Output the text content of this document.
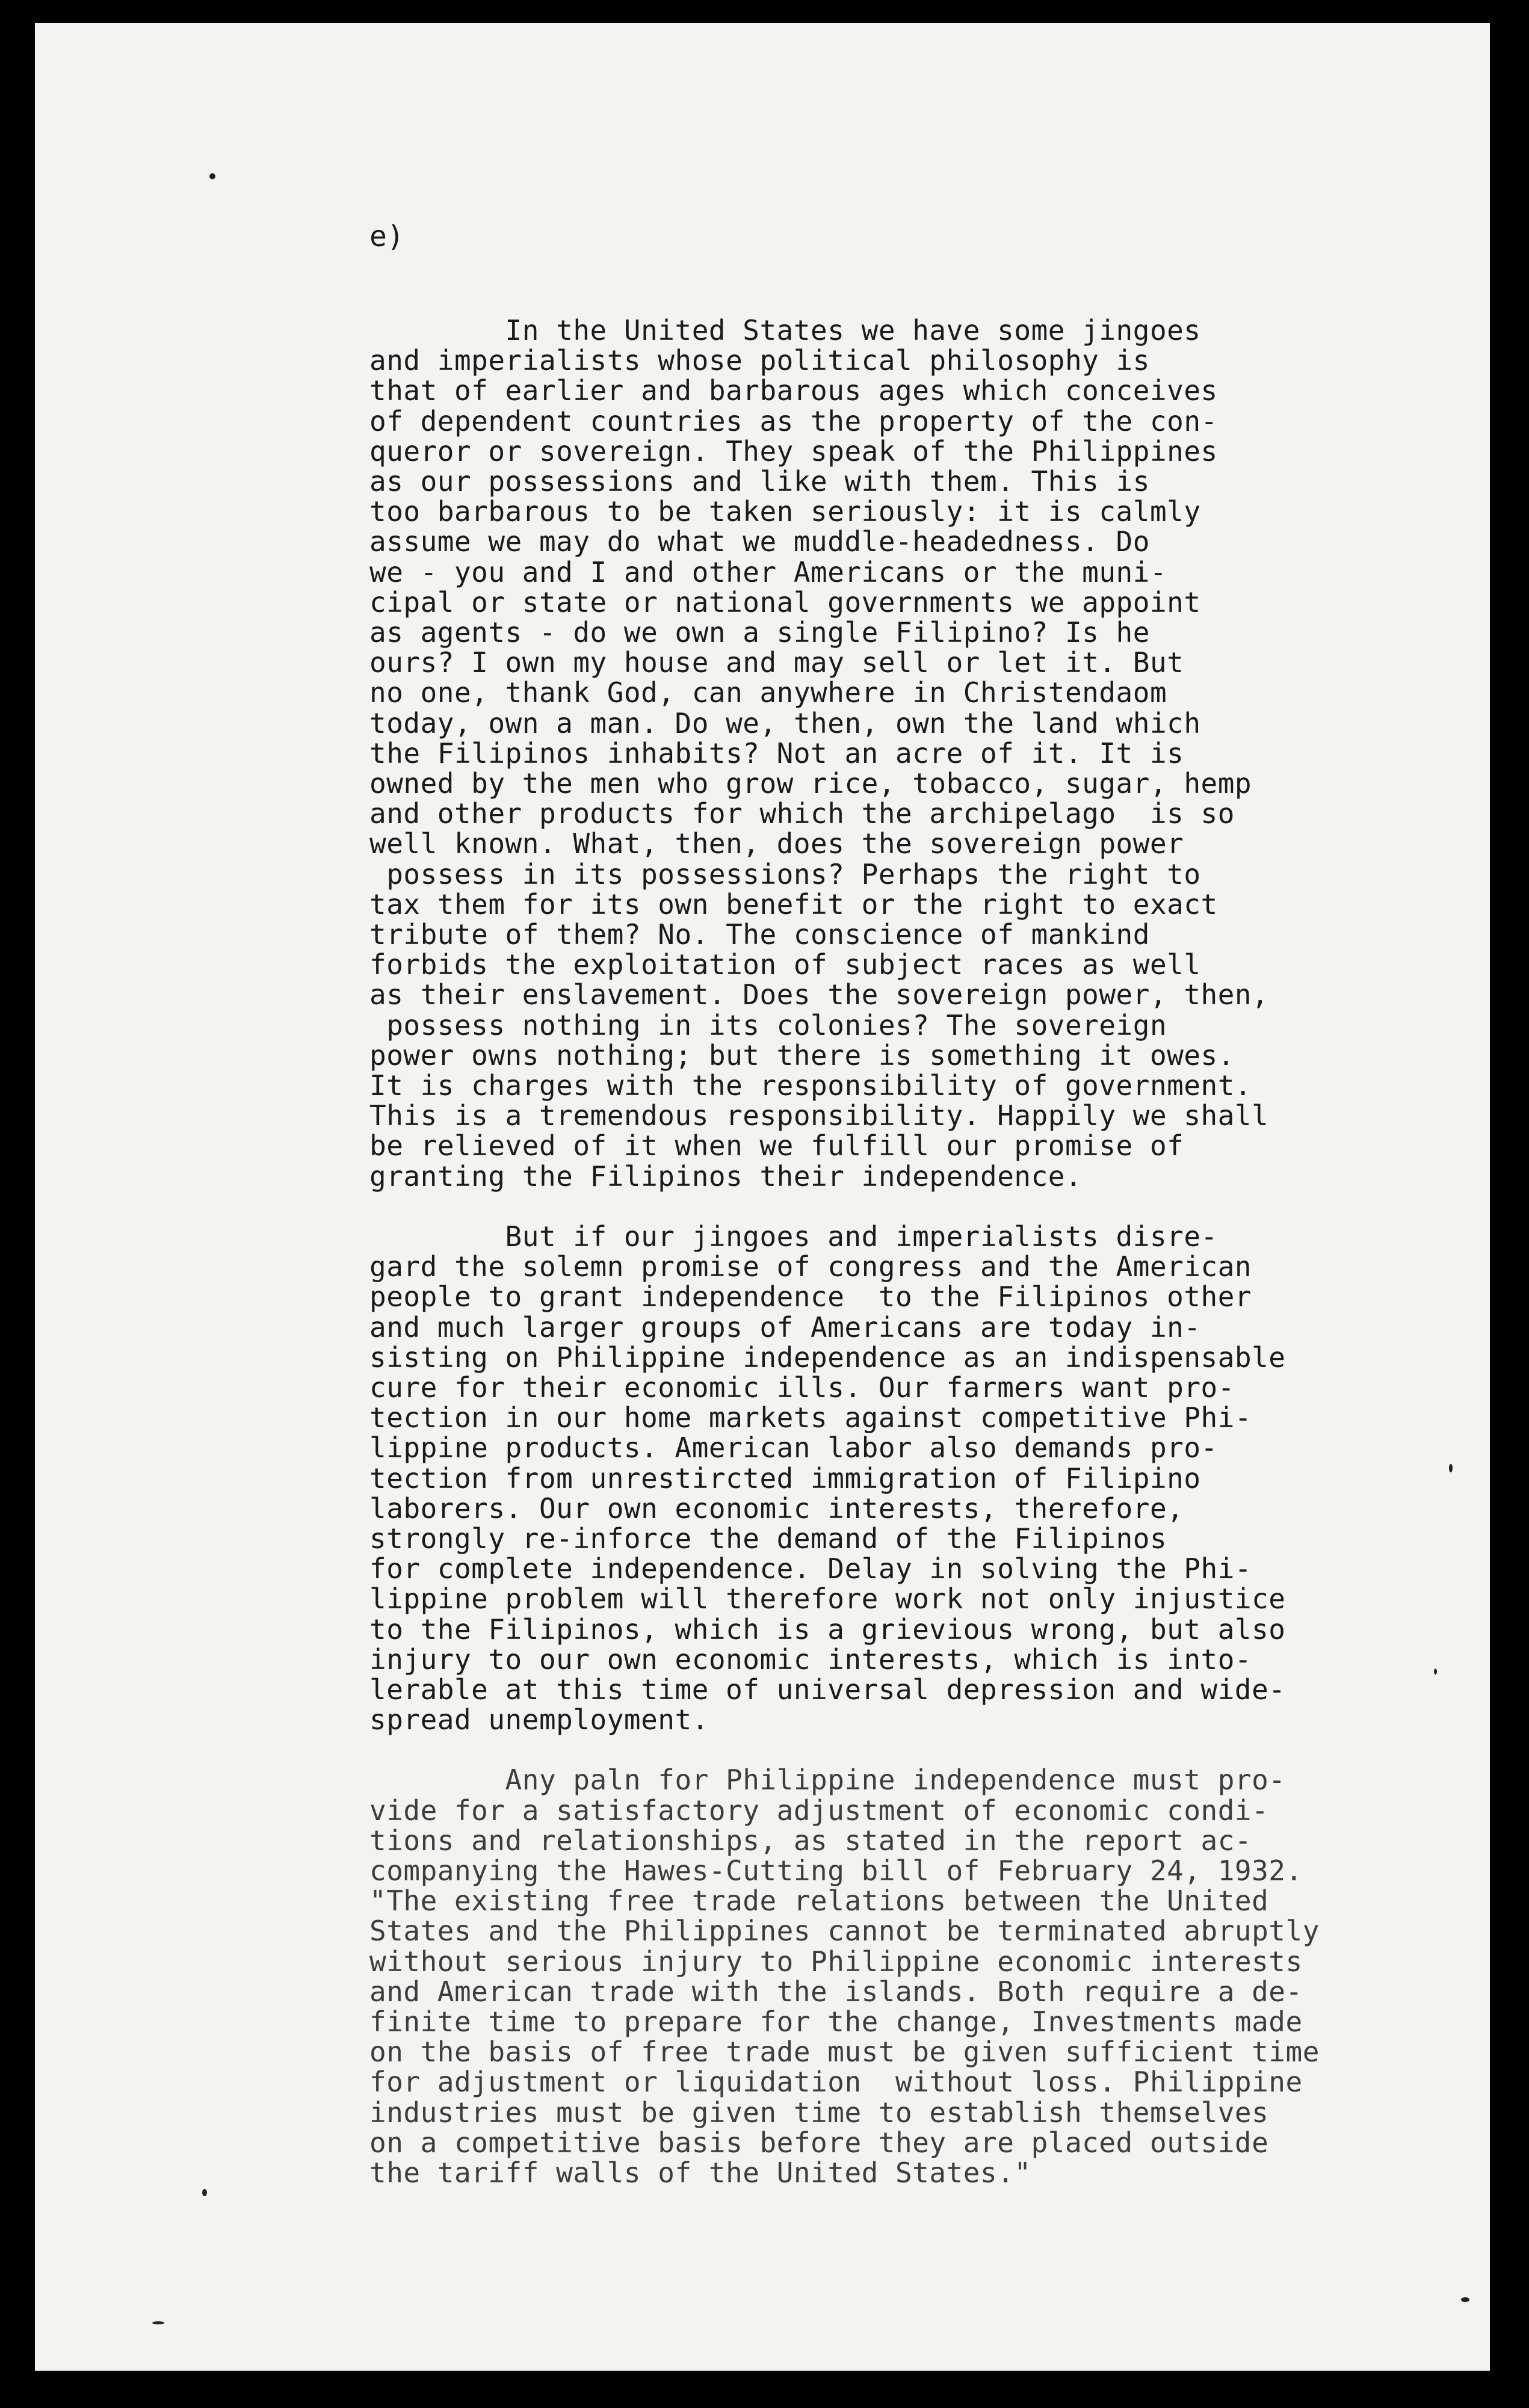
e)

In the United States we have some jingoes
and imperialists whose political philosophy is
that of earlier and barbarous ages which conceives
of dependent countries as the property of the con-
queror or sovereign. They speak of the Philippines
as our possessions and like with them. This is
too barbarous to be taken seriously: it is calmly
assume we may do what we muddle-headedness. Do
we - you and I and other Americans or the muni-
cipal or state or national governments we appoint
as agents - do we own a single Filipino? Is he
ours? I own my house and may sell or let it. But
no one, thank God, can anywhere in Christendaom
today, own a man. Do we, then, own the land which
the Filipinos inhabits? Not an acre of it. It is
owned by the men who grow rice, tobacco, sugar, hemp
and other products for which the archipelago  is so
well known. What, then, does the sovereign power
possess in its possessions? Perhaps the right to
tax them for its own benefit or the right to exact
tribute of them? No. The conscience of mankind
forbids the exploitation of subject races as well
as their enslavement. Does the sovereign power, then,
possess nothing in its colonies? The sovereign
power owns nothing; but there is something it owes.
It is charges with the responsibility of government.
This is a tremendous responsibility. Happily we shall
be relieved of it when we fulfill our promise of
granting the Filipinos their independence.
But if our jingoes and imperialists disre-
gard the solemn promise of congress and the American
people to grant independence  to the Filipinos other
and much larger groups of Americans are today in-
sisting on Philippine independence as an indispensable
cure for their economic ills. Our farmers want pro-
tection in our home markets against competitive Phi-
lippine products. American labor also demands pro-
tection from unrestircted immigration of Filipino
laborers. Our own economic interests, therefore,
strongly re-inforce the demand of the Filipinos
for complete independence. Delay in solving the Phi-
lippine problem will therefore work not only injustice
to the Filipinos, which is a grievious wrong, but also
injury to our own economic interests, which is into-
lerable at this time of universal depression and wide-
spread unemployment.
Any paln for Philippine independence must pro-
vide for a satisfactory adjustment of economic condi-
tions and relationships, as stated in the report ac-
companying the Hawes-Cutting bill of February 24, 1932.
"The existing free trade relations between the United
States and the Philippines cannot be terminated abruptly
without serious injury to Philippine economic interests
and American trade with the islands. Both require a de-
finite time to prepare for the change, Investments made
on the basis of free trade must be given sufficient time
for adjustment or liquidation  without loss. Philippine
industries must be given time to establish themselves
on a competitive basis before they are placed outside
the tariff walls of the United States."
